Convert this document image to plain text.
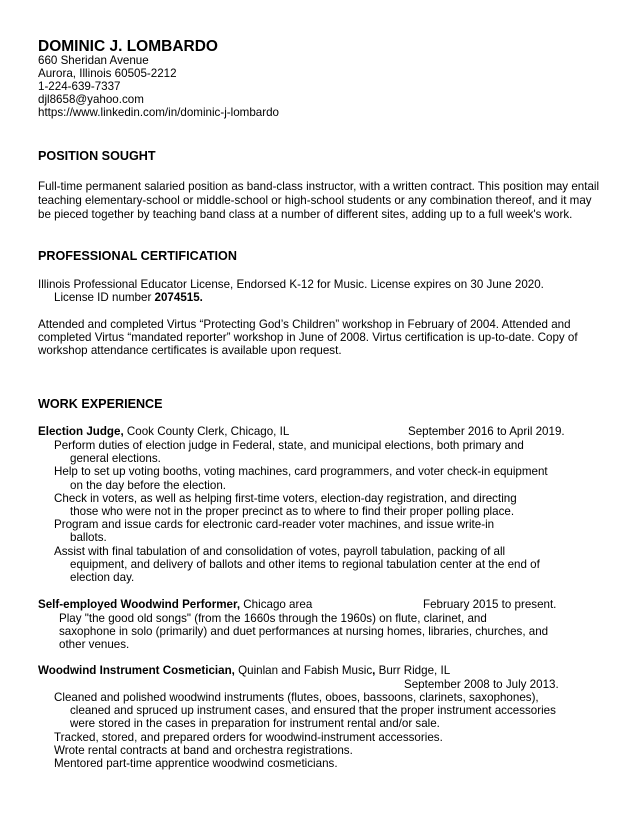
DOMINIC J. LOMBARDO
660 Sheridan Avenue
Aurora, Illinois 60505-2212
1-224-639-7337
djl8658@yahoo.com
https://www.linkedin.com/in/dominic-j-lombardo
POSITION SOUGHT
Full-time permanent salaried position as band-class instructor, with a written contract. This position may entail
teaching elementary-school or middle-school or high-school students or any combination thereof, and it may
be pieced together by teaching band class at a number of different sites, adding up to a full week's work.
PROFESSIONAL CERTIFICATION
Illinois Professional Educator License, Endorsed K-12 for Music. License expires on 30 June 2020.
License ID number 2074515.
Attended and completed Virtus “Protecting God’s Children” workshop in February of 2004. Attended and
completed Virtus “mandated reporter” workshop in June of 2008. Virtus certification is up-to-date. Copy of
workshop attendance certificates is available upon request.
WORK EXPERIENCE
Election Judge, Cook County Clerk, Chicago, IL	September 2016 to April 2019.
Perform duties of election judge in Federal, state, and municipal elections, both primary and
general elections.
Help to set up voting booths, voting machines, card programmers, and voter check-in equipment
on the day before the election.
Check in voters, as well as helping first-time voters, election-day registration, and directing
those who were not in the proper precinct as to where to find their proper polling place.
Program and issue cards for electronic card-reader voter machines, and issue write-in
ballots.
Assist with final tabulation of and consolidation of votes, payroll tabulation, packing of all
equipment, and delivery of ballots and other items to regional tabulation center at the end of
election day.
Self-employed Woodwind Performer, Chicago area	February 2015 to present.
Play "the good old songs" (from the 1660s through the 1960s) on flute, clarinet, and
saxophone in solo (primarily) and duet performances at nursing homes, libraries, churches, and
other venues.
Woodwind Instrument Cosmetician, Quinlan and Fabish Music, Burr Ridge, IL
September 2008 to July 2013.
Cleaned and polished woodwind instruments (flutes, oboes, bassoons, clarinets, saxophones),
cleaned and spruced up instrument cases, and ensured that the proper instrument accessories
were stored in the cases in preparation for instrument rental and/or sale.
Tracked, stored, and prepared orders for woodwind-instrument accessories.
Wrote rental contracts at band and orchestra registrations.
Mentored part-time apprentice woodwind cosmeticians.
